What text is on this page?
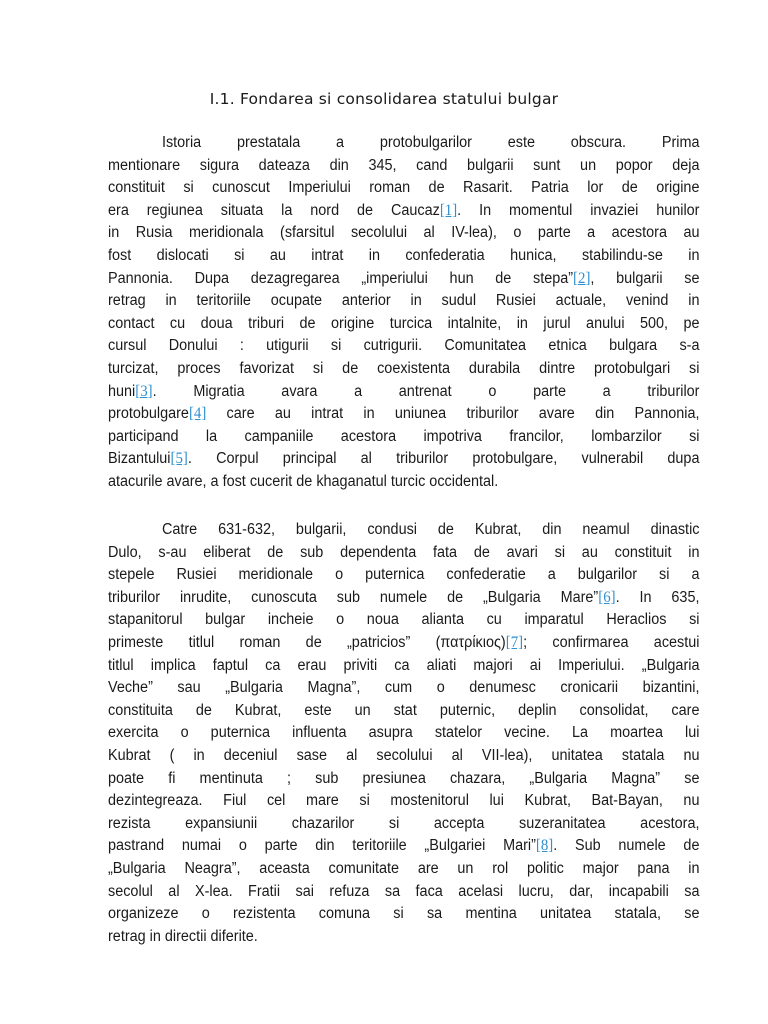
I.1. Fondarea si consolidarea statului bulgar
Istoria prestatala a protobulgarilor este obscura. Prima
mentionare sigura dateaza din 345, cand bulgarii sunt un popor deja
constituit si cunoscut Imperiului roman de Rasarit. Patria lor de origine
era regiunea situata la nord de Caucaz[1]. In momentul invaziei hunilor
in Rusia meridionala (sfarsitul secolului al IV-lea), o parte a acestora au
fost dislocati si au intrat in confederatia hunica, stabilindu-se in
Pannonia. Dupa dezagregarea „imperiului hun de stepa”[2], bulgarii se
retrag in teritoriile ocupate anterior in sudul Rusiei actuale, venind in
contact cu doua triburi de origine turcica intalnite, in jurul anului 500, pe
cursul Donului : utigurii si cutrigurii. Comunitatea etnica bulgara s-a
turcizat, proces favorizat si de coexistenta durabila dintre protobulgari si
huni[3]. Migratia avara a antrenat o parte a triburilor
protobulgare[4] care au intrat in uniunea triburilor avare din Pannonia,
participand la campaniile acestora impotriva francilor, lombarzilor si
Bizantului[5]. Corpul principal al triburilor protobulgare, vulnerabil dupa
atacurile avare, a fost cucerit de khaganatul turcic occidental.
Catre 631-632, bulgarii, condusi de Kubrat, din neamul dinastic
Dulo, s-au eliberat de sub dependenta fata de avari si au constituit in
stepele Rusiei meridionale o puternica confederatie a bulgarilor si a
triburilor inrudite, cunoscuta sub numele de „Bulgaria Mare”[6]. In 635,
stapanitorul bulgar incheie o noua alianta cu imparatul Heraclios si
primeste titlul roman de „patricios” (πατρίκιος)[7]; confirmarea acestui
titlul implica faptul ca erau priviti ca aliati majori ai Imperiului. „Bulgaria
Veche” sau „Bulgaria Magna”, cum o denumesc cronicarii bizantini,
constituita de Kubrat, este un stat puternic, deplin consolidat, care
exercita o puternica influenta asupra statelor vecine. La moartea lui
Kubrat ( in deceniul sase al secolului al VII-lea), unitatea statala nu
poate fi mentinuta ; sub presiunea chazara, „Bulgaria Magna” se
dezintegreaza. Fiul cel mare si mostenitorul lui Kubrat, Bat-Bayan, nu
rezista expansiunii chazarilor si accepta suzeranitatea acestora,
pastrand numai o parte din teritoriile „Bulgariei Mari”[8]. Sub numele de
„Bulgaria Neagra”, aceasta comunitate are un rol politic major pana in
secolul al X-lea. Fratii sai refuza sa faca acelasi lucru, dar, incapabili sa
organizeze o rezistenta comuna si sa mentina unitatea statala, se
retrag in directii diferite.
